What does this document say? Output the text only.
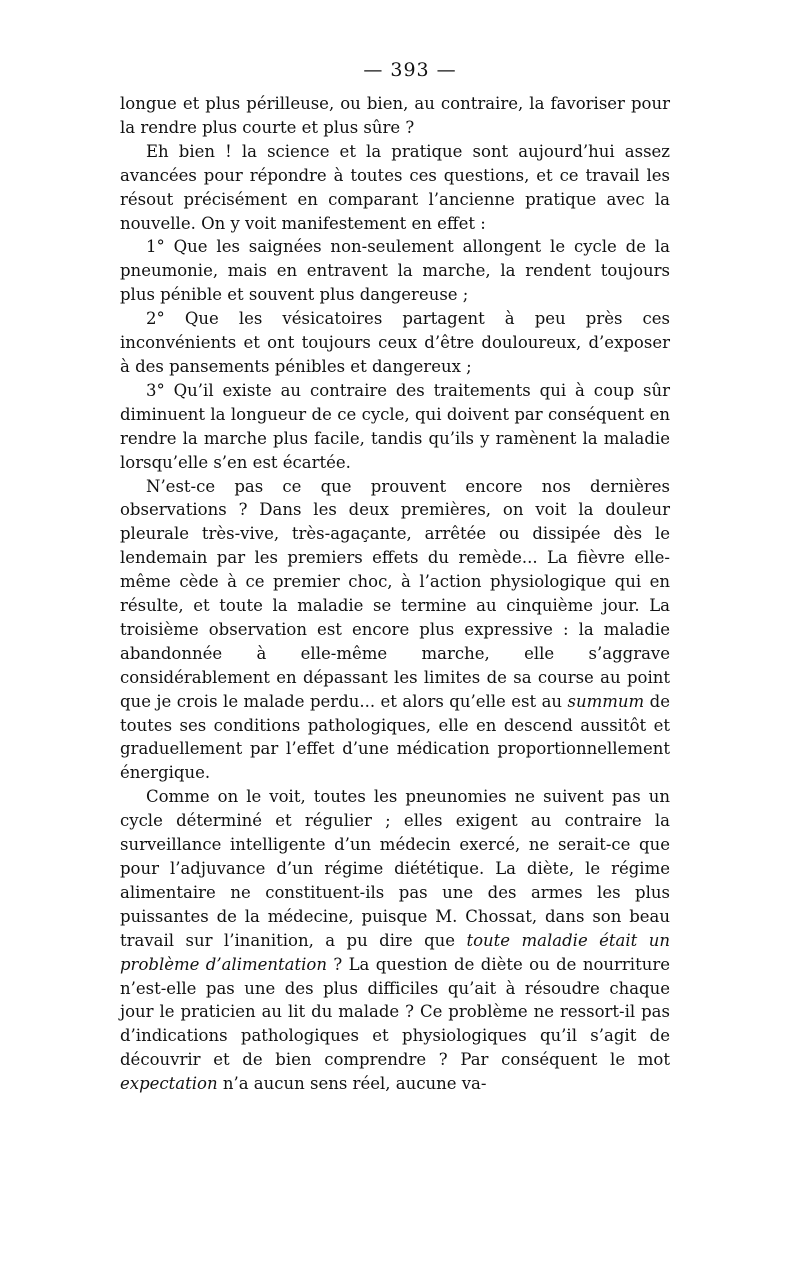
— 393 —

longue et plus périlleuse, ou bien, au contraire, la favoriser pour la rendre plus courte et plus sûre ?

Eh bien ! la science et la pratique sont aujourd’hui assez avancées pour répondre à toutes ces questions, et ce travail les résout précisément en comparant l’ancienne pratique avec la nouvelle. On y voit manifestement en effet :

1° Que les saignées non-seulement allongent le cycle de la pneumonie, mais en entravent la marche, la rendent toujours plus pénible et souvent plus dangereuse ;

2° Que les vésicatoires partagent à peu près ces inconvénients et ont toujours ceux d’être douloureux, d’exposer à des pansements pénibles et dangereux ;

3° Qu’il existe au contraire des traitements qui à coup sûr diminuent la longueur de ce cycle, qui doivent par conséquent en rendre la marche plus facile, tandis qu’ils y ramènent la maladie lorsqu’elle s’en est écartée.

N’est-ce pas ce que prouvent encore nos dernières observations ? Dans les deux premières, on voit la douleur pleurale très-vive, très-agaçante, arrêtée ou dissipée dès le lendemain par les premiers effets du remède... La fièvre elle-même cède à ce premier choc, à l’action physiologique qui en résulte, et toute la maladie se termine au cinquième jour. La troisième observation est encore plus expressive : la maladie abandonnée à elle-même marche, elle s’aggrave considérablement en dépassant les limites de sa course au point que je crois le malade perdu... et alors qu’elle est au summum de toutes ses conditions pathologiques, elle en descend aussitôt et graduellement par l’effet d’une médication proportionnellement énergique.

Comme on le voit, toutes les pneunomies ne suivent pas un cycle déterminé et régulier ; elles exigent au contraire la surveillance intelligente d’un médecin exercé, ne serait-ce que pour l’adjuvance d’un régime diététique. La diète, le régime alimentaire ne constituent-ils pas une des armes les plus puissantes de la médecine, puisque M. Chossat, dans son beau travail sur l’inanition, a pu dire que toute maladie était un problème d’alimentation ? La question de diète ou de nourriture n’est-elle pas une des plus difficiles qu’ait à résoudre chaque jour le praticien au lit du malade ? Ce problème ne ressort-il pas d’indications pathologiques et physiologiques qu’il s’agit de découvrir et de bien comprendre ? Par conséquent le mot expectation n’a aucun sens réel, aucune va-
